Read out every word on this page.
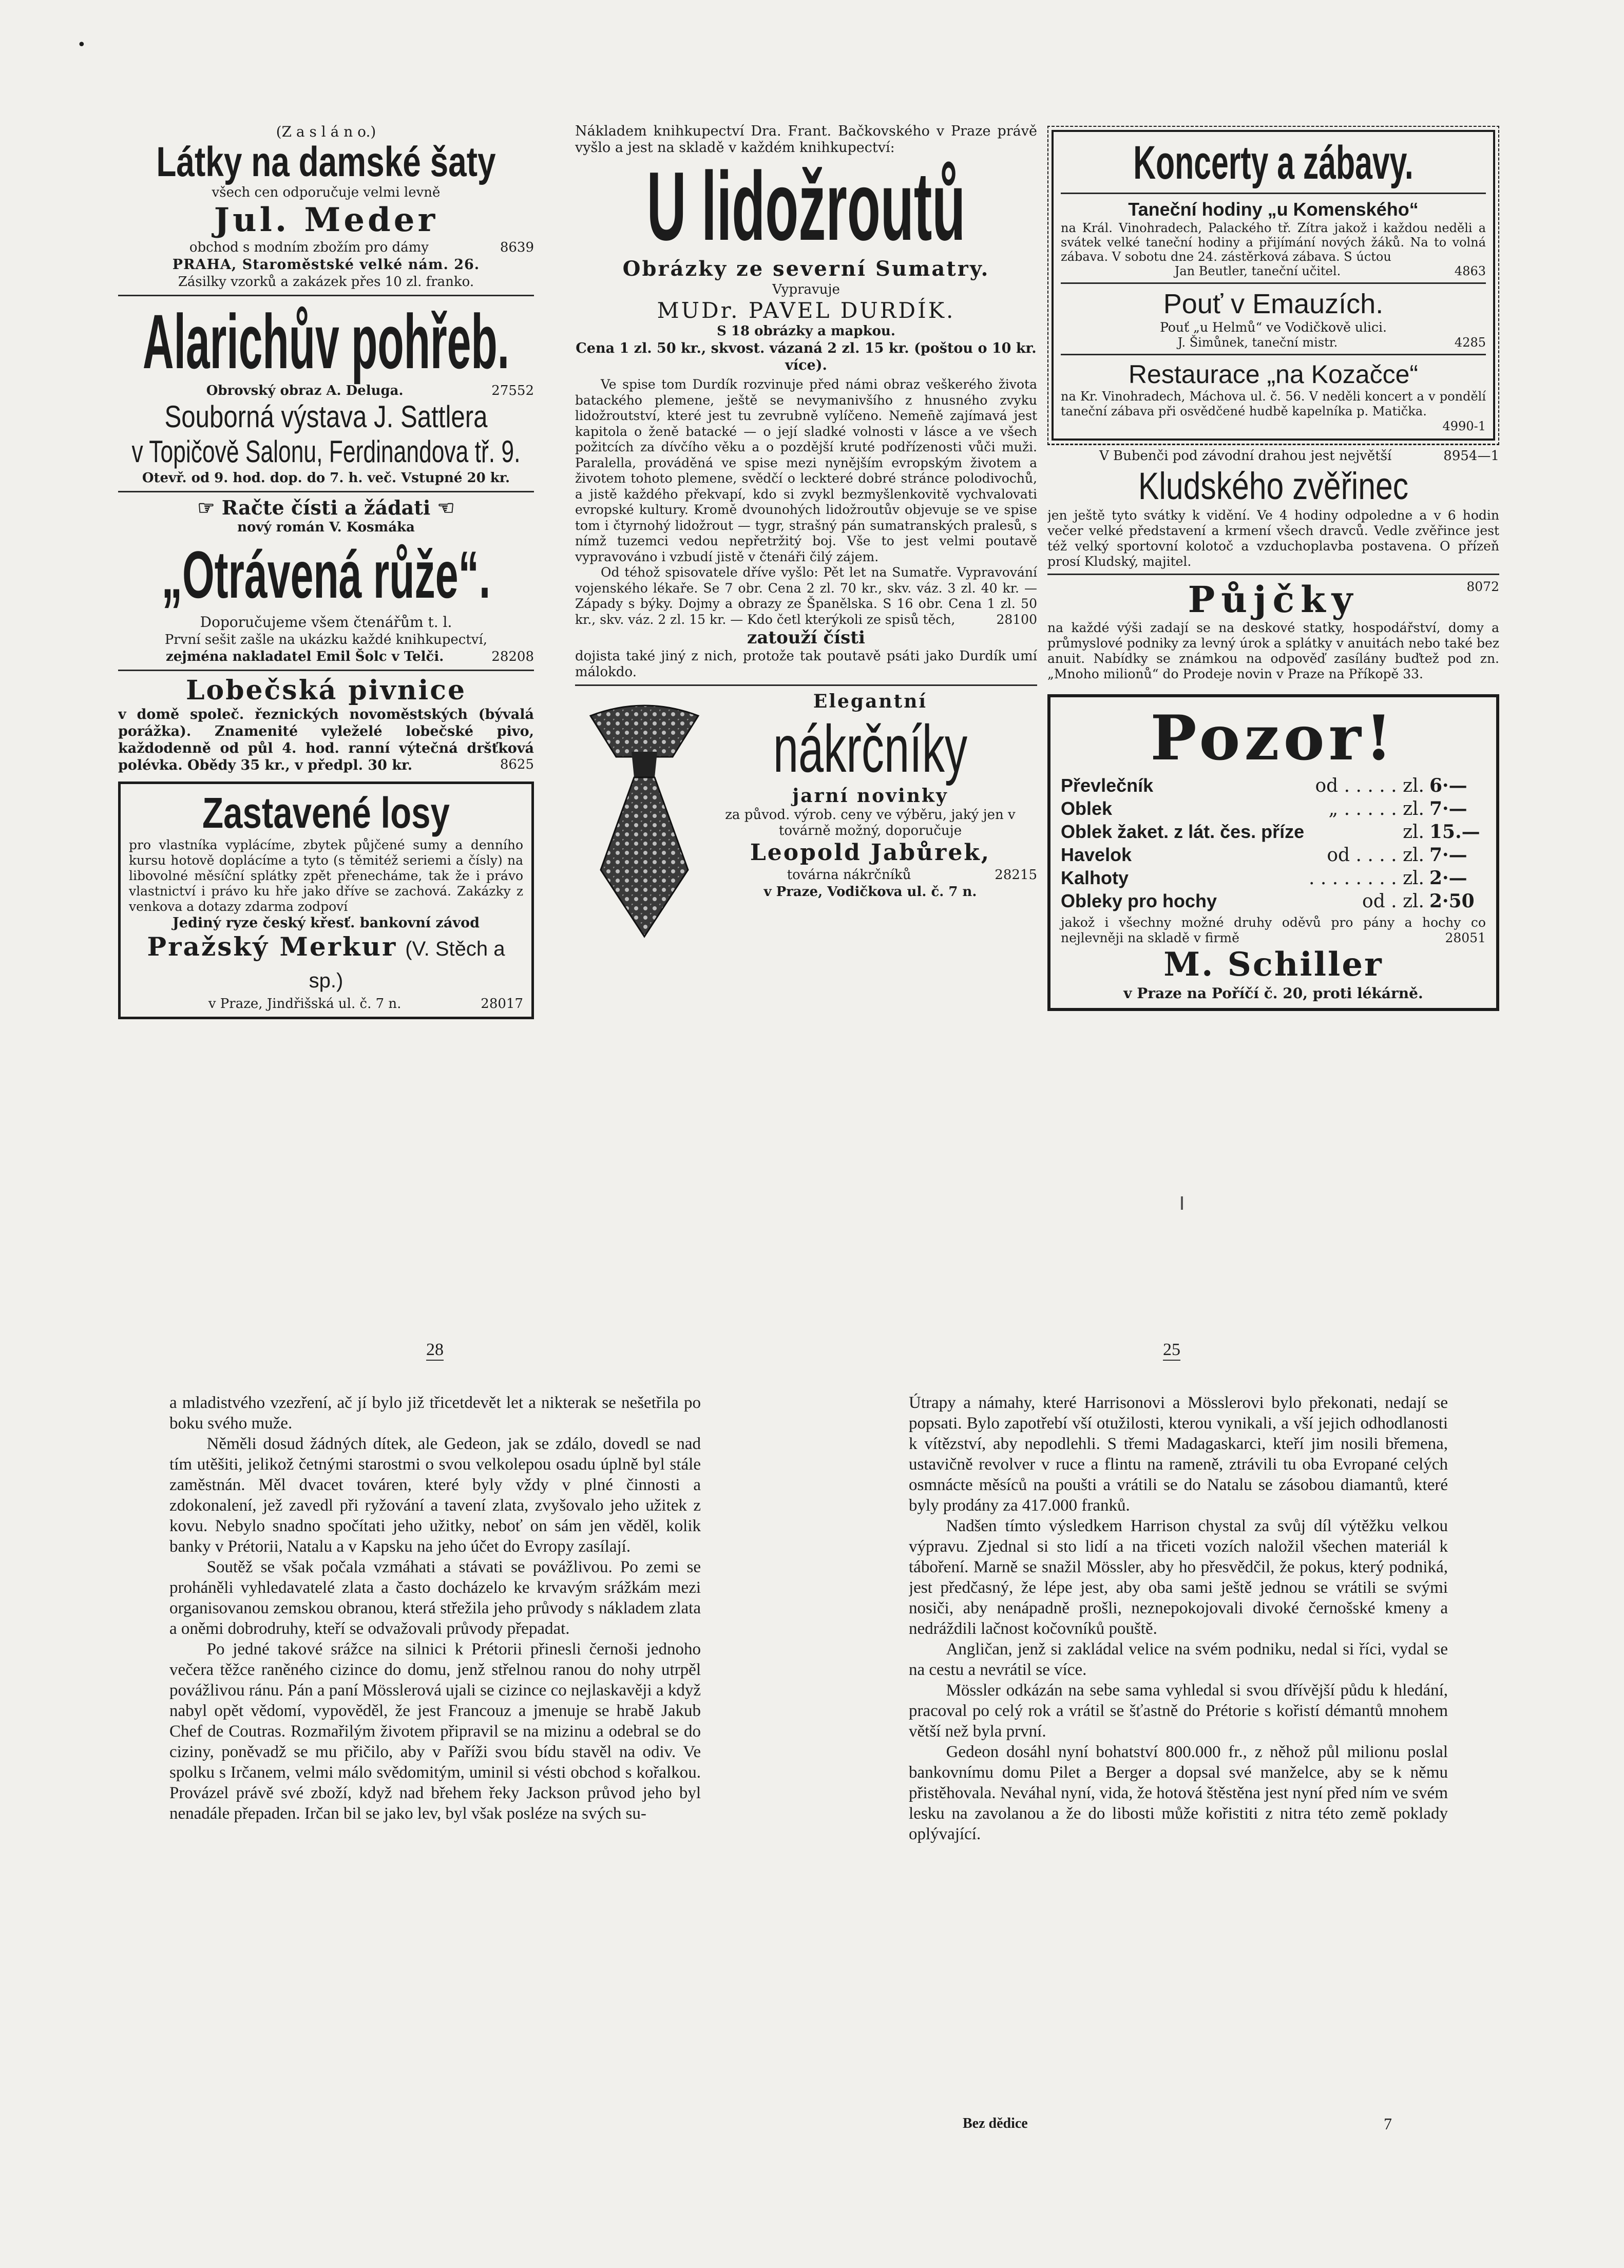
•
(Z a s l á n o.)
Látky na damské šaty
všech cen odporučuje velmi levně
Jul. Meder
obchod s modním zbožím pro dámy	8639
PRAHA, Staroměstské velké nám. 26.
Zásilky vzorků a zakázek přes 10 zl. franko.
Alarichův pohřeb.
Obrovský obraz A. Deluga.	27552
Souborná výstava J. Sattlera
v Topičově Salonu, Ferdinandova tř. 9.
Otevř. od 9. hod. dop. do 7. h. več. Vstupné 20 kr.
☞ Račte čísti a žádati ☜
nový román V. Kosmáka
„Otrávená růže“.
Doporučujeme všem čtenářům t. l.
První sešit zašle na ukázku každé knihkupectví,
zejména nakladatel Emil Šolc v Telči.	28208
Lobečská pivnice
v domě společ. řeznických novoměstských (bývalá porážka). Znamenité vyleželé lobečské pivo, každodenně od půl 4. hod. ranní výtečná dršťková polévka. Obědy 35 kr., v předpl. 30 kr.	8625
Zastavené losy
pro vlastníka vyplácíme, zbytek půjčené sumy a denního kursu hotově doplácíme a tyto (s těmitéž seriemi a čísly) na libovolné měsíční splátky zpět přenecháme, tak že i právo vlastnictví i právo ku hře jako dříve se zachová. Zakázky z venkova a dotazy zdarma zodpoví
Jediný ryze český křesť. bankovní závod
Pražský Merkur (V. Stěch a sp.)
v Praze, Jindřišská ul. č. 7 n.	28017
Nákladem knihkupectví Dra. Frant. Bačkovského v Praze právě vyšlo a jest na skladě v každém knihkupectví:
U lidožroutů
Obrázky ze severní Sumatry.
Vypravuje
MUDr. PAVEL DURDÍK.
S 18 obrázky a mapkou.
Cena 1 zl. 50 kr., skvost. vázaná 2 zl. 15 kr. (poštou o 10 kr. více).
Ve spise tom Durdík rozvinuje před námi obraz veškerého života batackého plemene, ještě se nevymanivšího z hnusného zvyku lidožroutství, které jest tu zevrubně vylíčeno. Nemen̄ě zajímavá jest kapitola o ženě batacké — o její sladké volnosti v lásce a ve všech požitcích za dívčího věku a o pozdější kruté podřízenosti vůči muži. Paralella, prováděná ve spise mezi nynějším evropským životem a životem tohoto plemene, svědčí o leckteré dobré stránce polodivochů, a jistě každého překvapí, kdo si zvykl bezmyšlenkovitě vychvalovati evropské kultury. Kromě dvounohých lidožroutův objevuje se ve spise tom i čtyrnohý lidožrout — tygr, strašný pán sumatranských pralesů, s nímž tuzemci vedou nepřetržitý boj. Vše to jest velmi poutavě vypravováno i vzbudí jistě v čtenáři čilý zájem.
Od téhož spisovatele dříve vyšlo: Pět let na Sumatře. Vypravování vojenského lékaře. Se 7 obr. Cena 2 zl. 70 kr., skv. váz. 3 zl. 40 kr. — Západy s býky. Dojmy a obrazy ze Španělska. S 16 obr. Cena 1 zl. 50 kr., skv. váz. 2 zl. 15 kr. — Kdo četl kterýkoli ze spisů těch,	28100
zatouží čísti
dojista také jiný z nich, protože tak poutavě psáti jako Durdík umí málokdo.
Elegantní
nákrčníky
jarní novinky
za původ. výrob. ceny ve výběru, jaký jen v továrně možný, doporučuje
Leopold Jabůrek,
továrna nákrčníků	28215
v Praze, Vodičkova ul. č. 7 n.
Koncerty a zábavy.
Taneční hodiny „u Komenského“
na Král. Vinohradech, Palackého tř. Zítra jakož i každou neděli a svátek velké taneční hodiny a přijímání nových žáků. Na to volná zábava. V sobotu dne 24. zástěrková zábava. S úctou
Jan Beutler, taneční učitel.	4863
Pouť v Emauzích.
Pouť „u Helmů“ ve Vodičkově ulici.
J. Šimůnek, taneční mistr.	4285
Restaurace „na Kozačce“
na Kr. Vinohradech, Máchova ul. č. 56. V neděli koncert a v pondělí taneční zábava při osvědčené hudbě kapelníka p. Matička.
4990-1
V Bubenči pod závodní drahou jest největší	8954—1
Kludského zvěřinec
jen ještě tyto svátky k vidění. Ve 4 hodiny odpoledne a v 6 hodin večer velké představení a krmení všech dravců. Vedle zvěřince jest též velký sportovní kolotoč a vzduchoplavba postavena. O přízeň prosí Kludský, majitel.
Půjčky	8072
na každé výši zadají se na deskové statky, hospodářství, domy a průmyslové podniky za levný úrok a splátky v anuitách nebo také bez anuit. Nabídky se známkou na odpověď zasílány buďtež pod zn. „Mnoho milionů“ do Prodeje novin v Praze na Příkopě 33.
Pozor!
Převlečník	od . . . . . zl. 6·—
Oblek	„ . . . . . zl. 7·—
Oblek žaket. z lát. čes. příze	zl. 15.—
Havelok	od . . . . zl. 7·—
Kalhoty	. . . . . . . . zl. 2·—
Obleky pro hochy	od . zl. 2·50
jakož i všechny možné druhy oděvů pro pány a hochy co nejlevněji na skladě v firmě	28051
M. Schiller
v Praze na Poříčí č. 20, proti lékárně.
28	25

a mladistvého vzezření, ač jí bylo již třicetdevět let a nikterak se nešetřila po boku svého muže.

Něměli dosud žádných dítek, ale Gedeon, jak se zdálo, dovedl se nad tím utěšiti, jelikož četnými starostmi o svou velkolepou osadu úplně byl stále zaměstnán. Měl dvacet továren, které byly vždy v plné činnosti a zdokonalení, jež zavedl při ryžování a tavení zlata, zvyšovalo jeho užitek z kovu. Nebylo snadno spočítati jeho užitky, neboť on sám jen věděl, kolik banky v Prétorii, Natalu a v Kapsku na jeho účet do Evropy zasílají.

Soutěž se však počala vzmáhati a stávati se povážlivou. Po zemi se proháněli vyhledavatelé zlata a často docházelo ke krvavým srážkám mezi organisovanou zemskou obranou, která střežila jeho průvody s nákladem zlata a oněmi dobrodruhy, kteří se odvažovali průvody přepadat.

Po jedné takové srážce na silnici k Prétorii přinesli černoši jednoho večera těžce raněného cizince do domu, jenž střelnou ranou do nohy utrpěl povážlivou ránu. Pán a paní Mösslerová ujali se cizince co nejlaskavěji a když nabyl opět vědomí, vypověděl, že jest Francouz a jmenuje se hrabě Jakub Chef de Coutras. Rozmařilým životem připravil se na mizinu a odebral se do ciziny, poněvadž se mu přičilo, aby v Paříži svou bídu stavěl na odiv. Ve spolku s Irčanem, velmi málo svědomitým, uminil si vésti obchod s kořalkou. Provázel právě své zboží, když nad břehem řeky Jackson průvod jeho byl nenadále přepaden. Irčan bil se jako lev, byl však posléze na svých su-

Útrapy a námahy, které Harrisonovi a Mösslerovi bylo překonati, nedají se popsati. Bylo zapotřebí vší otužilosti, kterou vynikali, a vší jejich odhodlanosti k vítězství, aby nepodlehli. S třemi Madagaskarci, kteří jim nosili břemena, ustavičně revolver v ruce a flintu na rameně, ztrávili tu oba Evropané celých osmnácte měsíců na poušti a vrátili se do Natalu se zásobou diamantů, které byly prodány za 417.000 franků.

Nadšen tímto výsledkem Harrison chystal za svůj díl výtěžku velkou výpravu. Zjednal si sto lidí a na třiceti vozích naložil všechen materiál k táboření. Marně se snažil Mössler, aby ho přesvědčil, že pokus, který podniká, jest předčasný, že lépe jest, aby oba sami ještě jednou se vrátili se svými nosiči, aby nenápadně prošli, neznepokojovali divoké černošské kmeny a nedráždili lačnost kočovníků pouště.

Angličan, jenž si zakládal velice na svém podniku, nedal si říci, vydal se na cestu a nevrátil se více.

Mössler odkázán na sebe sama vyhledal si svou dřívější půdu k hledání, pracoval po celý rok a vrátil se šťastně do Prétorie s kořistí démantů mnohem větší než byla první.

Gedeon dosáhl nyní bohatství 800.000 fr., z něhož půl milionu poslal bankovnímu domu Pilet a Berger a dopsal své manželce, aby se k němu přistěhovala. Neváhal nyní, vida, že hotová štěstěna jest nyní před ním ve svém lesku na zavolanou a že do libosti může kořistiti z nitra této země poklady oplývající.

Bez dědice	7
